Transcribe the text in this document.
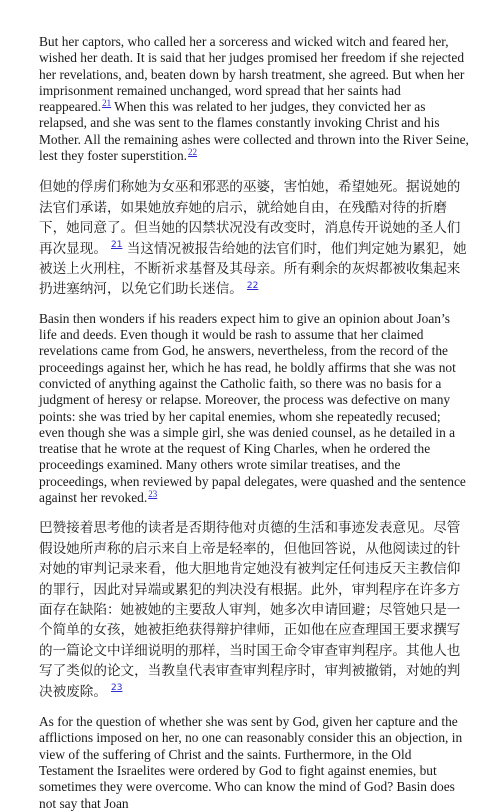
But her captors, who called her a sorceress and wicked witch and feared her, wished her death. It is said that her judges promised her freedom if she rejected her revelations, and, beaten down by harsh treatment, she agreed. But when her imprisonment remained unchanged, word spread that her saints had reappeared.$^{21}$ When this was related to her judges, they convicted her as relapsed, and she was sent to the flames constantly invoking Christ and his Mother. All the remaining ashes were collected and thrown into the River Seine, lest they foster superstition.$^{22}$

但她的俘虏们称她为女巫和邪恶的巫婆，害怕她，希望她死。据说她的法官们承诺，如果她放弃她的启示，就给她自由，在残酷对待的折磨下，她同意了。但当她的囚禁状况没有改变时，消息传开说她的圣人们再次显现。 $^{21}$ 当这情况被报告给她的法官们时，他们判定她为累犯，她被送上火刑柱，不断祈求基督及其母亲。所有剩余的灰烬都被收集起来扔进塞纳河，以免它们助长迷信。 $^{22}$

Basin then wonders if his readers expect him to give an opinion about Joan’s life and deeds. Even though it would be rash to assume that her claimed revelations came from God, he answers, nevertheless, from the record of the proceedings against her, which he has read, he boldly affirms that she was not convicted of anything against the Catholic faith, so there was no basis for a judgment of heresy or relapse. Moreover, the process was defective on many points: she was tried by her capital enemies, whom she repeatedly recused; even though she was a simple girl, she was denied counsel, as he detailed in a treatise that he wrote at the request of King Charles, when he ordered the proceedings examined. Many others wrote similar treatises, and the proceedings, when reviewed by papal delegates, were quashed and the sentence against her revoked.$^{23}$

巴赞接着思考他的读者是否期待他对贞德的生活和事迹发表意见。尽管假设她所声称的启示来自上帝是轻率的，但他回答说，从他阅读过的针对她的审判记录来看，他大胆地肯定她没有被判定任何违反天主教信仰的罪行，因此对异端或累犯的判决没有根据。此外，审判程序在许多方面存在缺陷：她被她的主要敌人审判，她多次申请回避；尽管她只是一个简单的女孩，她被拒绝获得辩护律师，正如他在应查理国王要求撰写的一篇论文中详细说明的那样，当时国王命令审查审判程序。其他人也写了类似的论文，当教皇代表审查审判程序时，审判被撤销，对她的判决被废除。 $^{23}$

As for the question of whether she was sent by God, given her capture and the afflictions imposed on her, no one can reasonably consider this an objection, in view of the suffering of Christ and the saints. Furthermore, in the Old Testament the Israelites were ordered by God to fight against enemies, but sometimes they were overcome. Who can know the mind of God? Basin does not say that Joan
